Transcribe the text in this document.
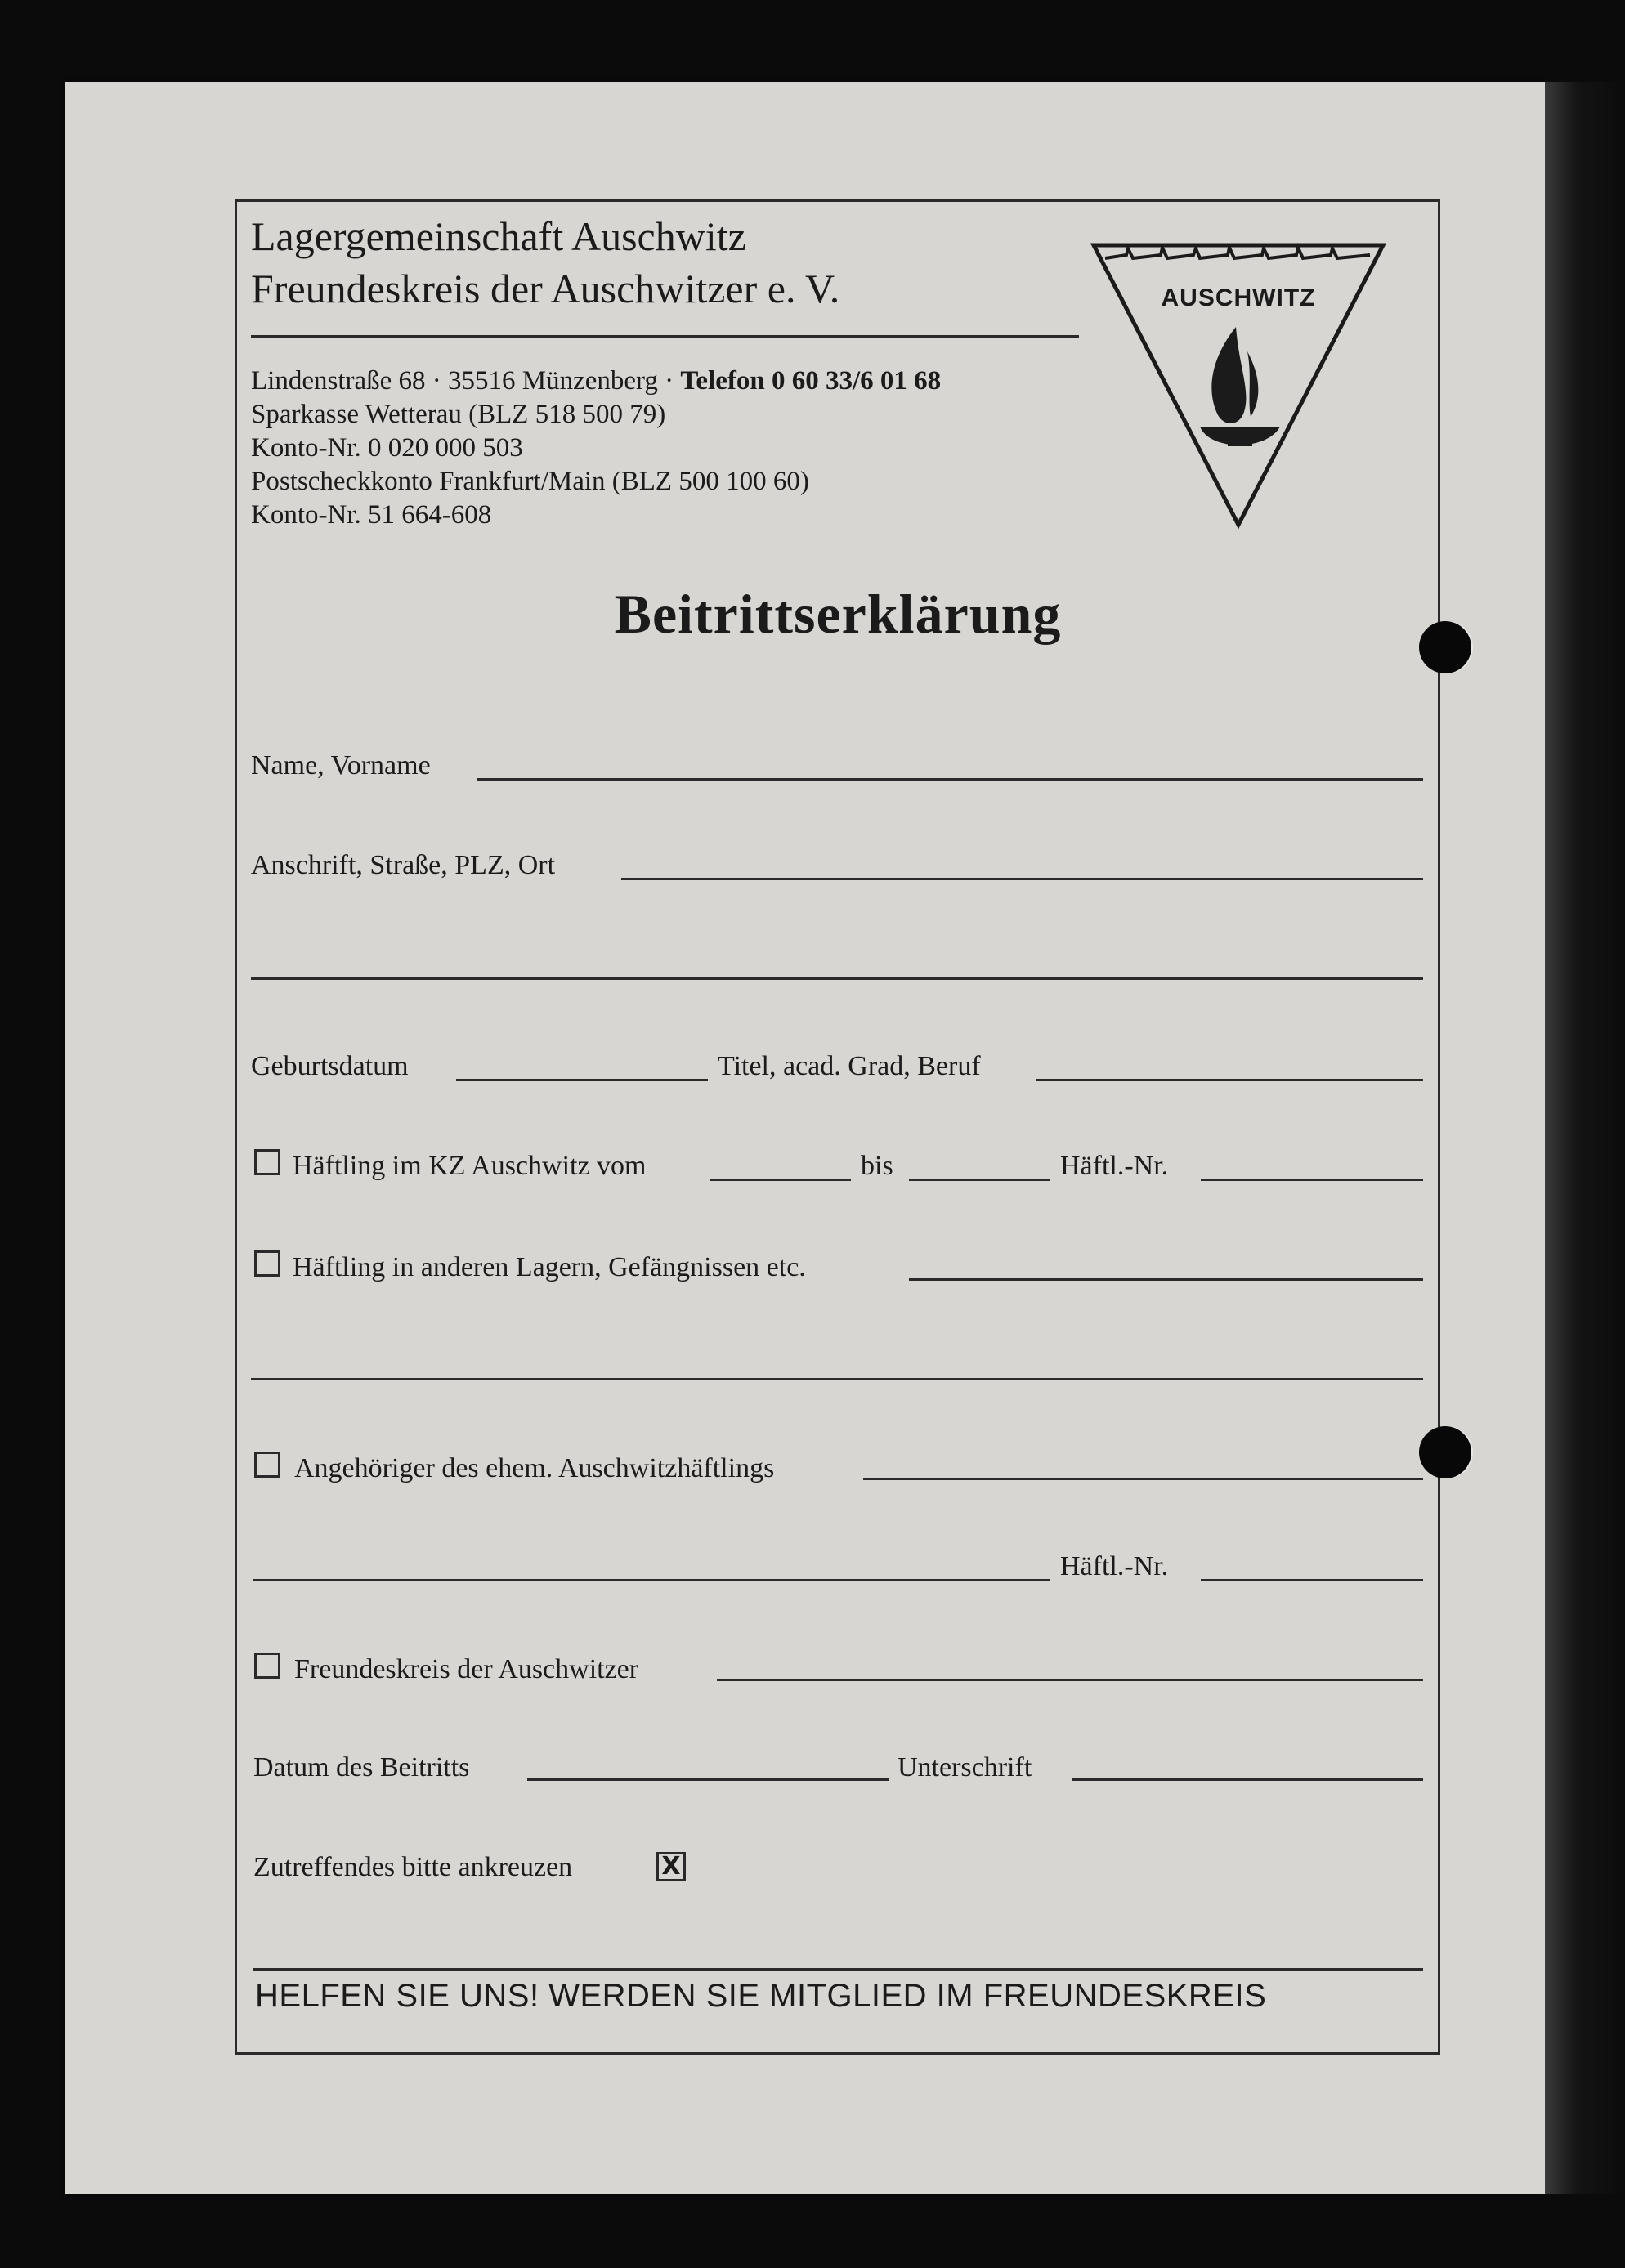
Lagergemeinschaft Auschwitz
Freundeskreis der Auschwitzer e. V.
Lindenstraße 68 · 35516 Münzenberg · Telefon 0 60 33/6 01 68
Sparkasse Wetterau (BLZ 518 500 79)
Konto-Nr. 0 020 000 503
Postscheckkonto Frankfurt/Main (BLZ 500 100 60)
Konto-Nr. 51 664-608
AUSCHWITZ
Beitrittserklärung
Name, Vorname
Anschrift, Straße, PLZ, Ort
Geburtsdatum	Titel, acad. Grad, Beruf
Häftling im KZ Auschwitz vom	bis	Häftl.-Nr.
Häftling in anderen Lagern, Gefängnissen etc.
Angehöriger des ehem. Auschwitzhäftlings
Häftl.-Nr.
Freundeskreis der Auschwitzer
Datum des Beitritts	Unterschrift
Zutreffendes bitte ankreuzen	X
HELFEN SIE UNS! WERDEN SIE MITGLIED IM FREUNDESKREIS
